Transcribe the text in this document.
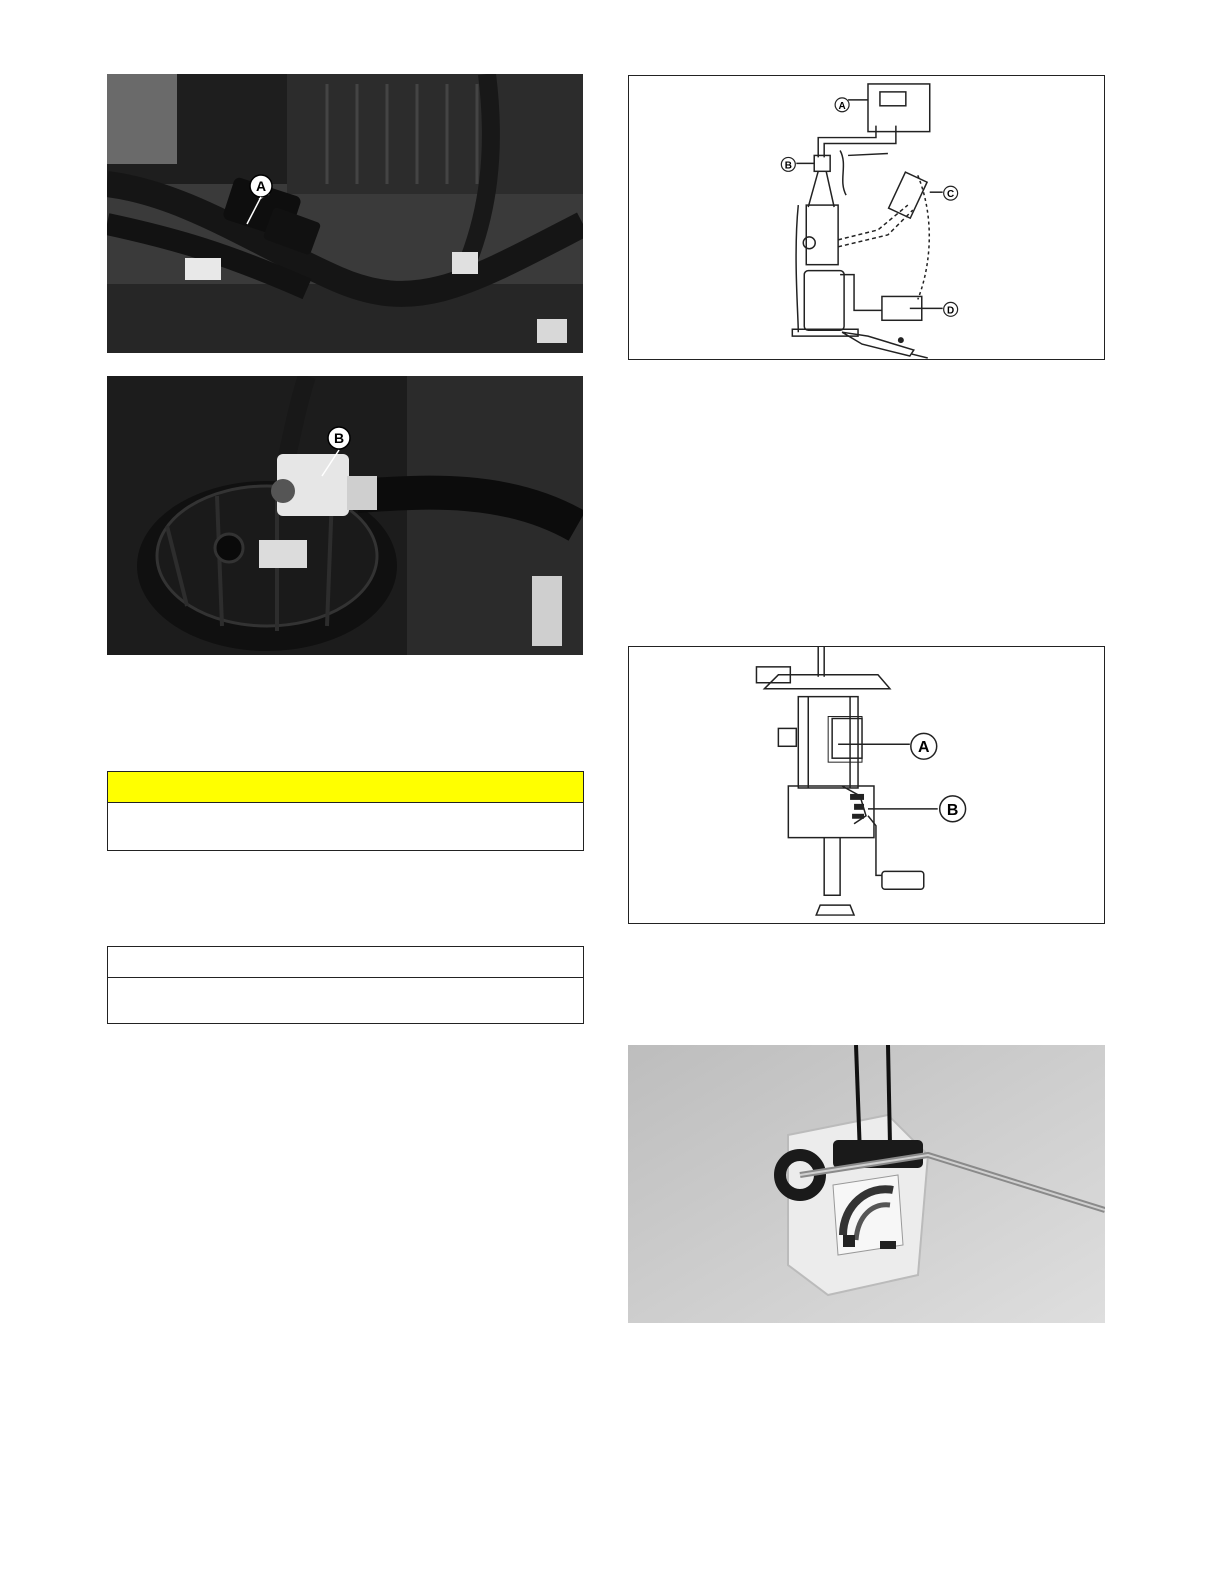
A
B
A
B
C
D
A
B
